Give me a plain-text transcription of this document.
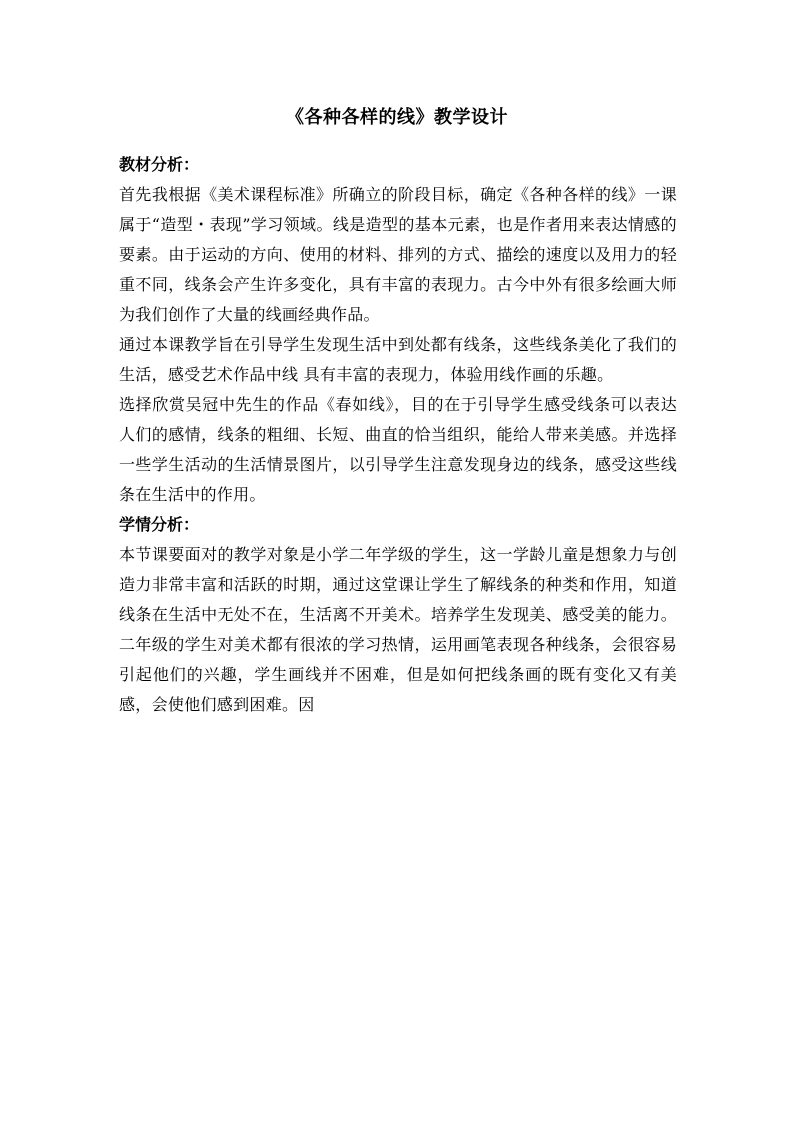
《各种各样的线》教学设计
教材分析：

首先我根据《美术课程标准》所确立的阶段目标，确定《各种各样的线》一课属于“造型・表现”学习领域。线是造型的基本元素，也是作者用来表达情感的要素。由于运动的方向、使用的材料、排列的方式、描绘的速度以及用力的轻重不同，线条会产生许多变化，具有丰富的表现力。古今中外有很多绘画大师为我们创作了大量的线画经典作品。

通过本课教学旨在引导学生发现生活中到处都有线条，这些线条美化了我们的生活，感受艺术作品中线 具有丰富的表现力，体验用线作画的乐趣。

选择欣赏吴冠中先生的作品《春如线》，目的在于引导学生感受线条可以表达人们的感情，线条的粗细、长短、曲直的恰当组织，能给人带来美感。并选择一些学生活动的生活情景图片，以引导学生注意发现身边的线条，感受这些线条在生活中的作用。

学情分析：

本节课要面对的教学对象是小学二年学级的学生，这一学龄儿童是想象力与创造力非常丰富和活跃的时期，通过这堂课让学生了解线条的种类和作用，知道线条在生活中无处不在，生活离不开美术。培养学生发现美、感受美的能力。二年级的学生对美术都有很浓的学习热情，运用画笔表现各种线条，会很容易引起他们的兴趣，学生画线并不困难，但是如何把线条画的既有变化又有美感，会使他们感到困难。因
